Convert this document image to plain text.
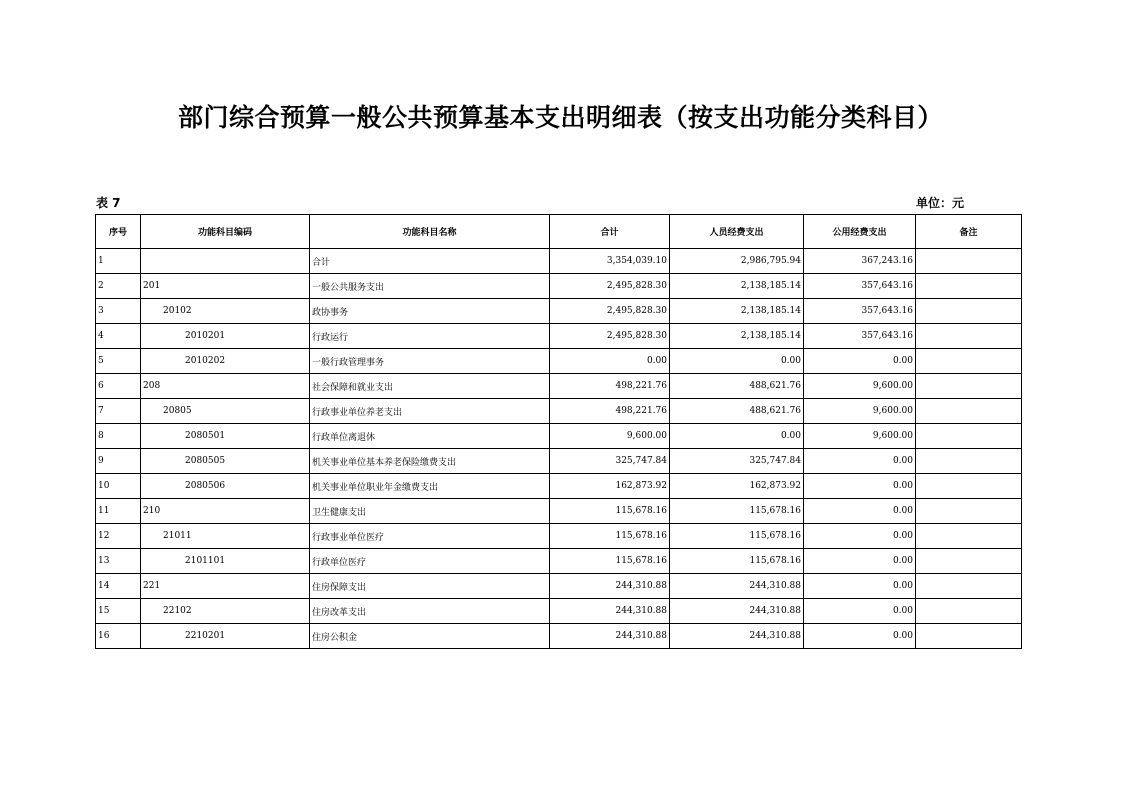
部门综合预算一般公共预算基本支出明细表（按支出功能分类科目）
表 7	单位：元
序号	功能科目编码	功能科目名称	合计	人员经费支出	公用经费支出	备注
1		合计	3,354,039.10	2,986,795.94	367,243.16	
2	201	一般公共服务支出	2,495,828.30	2,138,185.14	357,643.16	
3	20102	政协事务	2,495,828.30	2,138,185.14	357,643.16	
4	2010201	行政运行	2,495,828.30	2,138,185.14	357,643.16	
5	2010202	一般行政管理事务	0.00	0.00	0.00	
6	208	社会保障和就业支出	498,221.76	488,621.76	9,600.00	
7	20805	行政事业单位养老支出	498,221.76	488,621.76	9,600.00	
8	2080501	行政单位离退休	9,600.00	0.00	9,600.00	
9	2080505	机关事业单位基本养老保险缴费支出	325,747.84	325,747.84	0.00	
10	2080506	机关事业单位职业年金缴费支出	162,873.92	162,873.92	0.00	
11	210	卫生健康支出	115,678.16	115,678.16	0.00	
12	21011	行政事业单位医疗	115,678.16	115,678.16	0.00	
13	2101101	行政单位医疗	115,678.16	115,678.16	0.00	
14	221	住房保障支出	244,310.88	244,310.88	0.00	
15	22102	住房改革支出	244,310.88	244,310.88	0.00	
16	2210201	住房公积金	244,310.88	244,310.88	0.00	
